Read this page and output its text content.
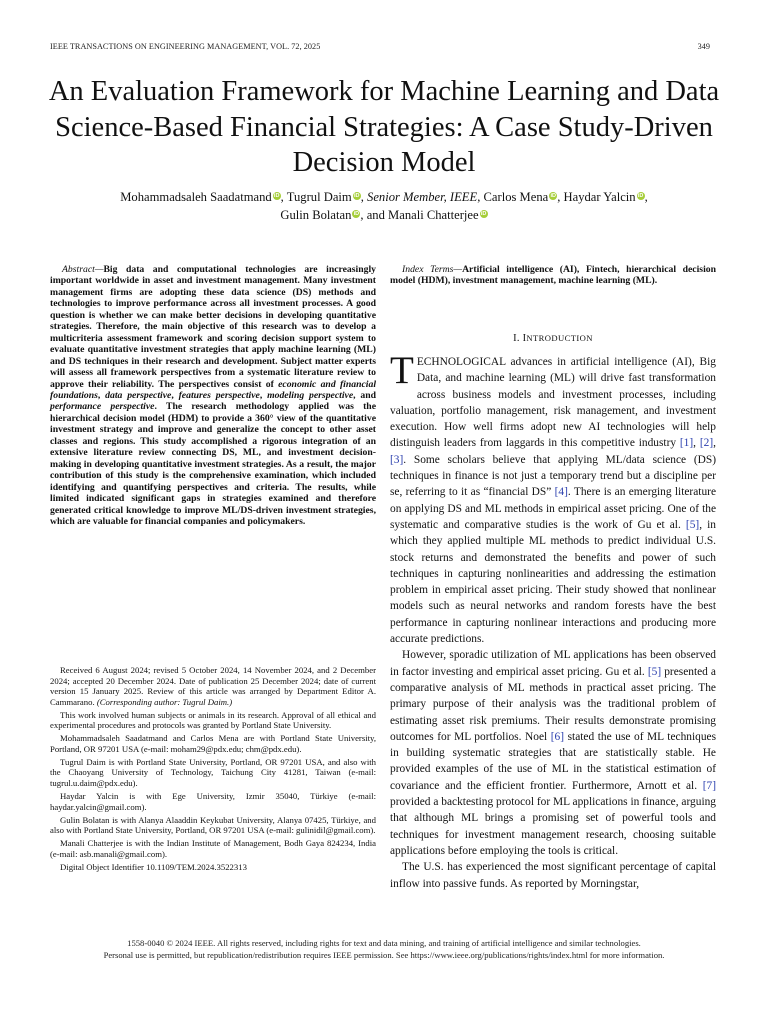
IEEE TRANSACTIONS ON ENGINEERING MANAGEMENT, VOL. 72, 2025	349
An Evaluation Framework for Machine Learning and Data Science-Based Financial Strategies: A Case Study-Driven Decision Model
Mohammadsaleh Saadatmand iD, Tugrul Daim iD, Senior Member, IEEE, Carlos Mena iD, Haydar Yalcin iD,
Gulin Bolatan iD, and Manali Chatterjee iD

Abstract—Big data and computational technologies are increasingly important worldwide in asset and investment management. Many investment management firms are adopting these data science (DS) methods and technologies to improve performance across all investment processes. A good question is whether we can make better decisions in developing quantitative strategies. Therefore, the main objective of this research was to develop a multicriteria assessment framework and scoring decision support system to evaluate quantitative investment strategies that apply machine learning (ML) and DS techniques in their research and development. Subject matter experts will assess all framework perspectives from a systematic literature review to approve their reliability. The perspectives consist of economic and financial foundations, data perspective, features perspective, modeling perspective, and performance perspective. The research methodology applied was the hierarchical decision model (HDM) to provide a 360° view of the quantitative investment strategy and improve and generalize the concept to other asset classes and regions. This study accomplished a rigorous integration of an extensive literature review connecting DS, ML, and investment decision-making in developing quantitative investment strategies. As a result, the major contribution of this study is the comprehensive examination, which included identifying and quantifying perspectives and criteria. The results, while limited indicated significant gaps in strategies examined and therefore generated critical knowledge to improve ML/DS-driven investment strategies, which are valuable for financial companies and policymakers.

Received 6 August 2024; revised 5 October 2024, 14 November 2024, and 2 December 2024; accepted 20 December 2024. Date of publication 25 December 2024; date of current version 15 January 2025. Review of this article was arranged by Department Editor A. Cammarano. (Corresponding author: Tugrul Daim.)

This work involved human subjects or animals in its research. Approval of all ethical and experimental procedures and protocols was granted by Portland State University.

Mohammadsaleh Saadatmand and Carlos Mena are with Portland State University, Portland, OR 97201 USA (e-mail: moham29@pdx.edu; chm@pdx.edu).

Tugrul Daim is with Portland State University, Portland, OR 97201 USA, and also with the Chaoyang University of Technology, Taichung City 41281, Taiwan (e-mail: tugrul.u.daim@pdx.edu).

Haydar Yalcin is with Ege University, Izmir 35040, Türkiye (e-mail: haydar.yalcin@gmail.com).

Gulin Bolatan is with Alanya Alaaddin Keykubat University, Alanya 07425, Türkiye, and also with Portland State University, Portland, OR 97201 USA (e-mail: gulinidil@gmail.com).

Manali Chatterjee is with the Indian Institute of Management, Bodh Gaya 824234, India (e-mail: asb.manali@gmail.com).

Digital Object Identifier 10.1109/TEM.2024.3522313

Index Terms—Artificial intelligence (AI), Fintech, hierarchical decision model (HDM), investment management, machine learning (ML).

I. INTRODUCTION

TECHNOLOGICAL advances in artificial intelligence (AI), Big Data, and machine learning (ML) will drive fast transformation across business models and investment processes, including valuation, portfolio management, risk management, and investment execution. How well firms adopt new AI technologies will help distinguish leaders from laggards in this competitive industry [1], [2], [3]. Some scholars believe that applying ML/data science (DS) techniques in finance is not just a temporary trend but a discipline per se, referring to it as “financial DS” [4]. There is an emerging literature on applying DS and ML methods in empirical asset pricing. One of the systematic and comparative studies is the work of Gu et al. [5], in which they applied multiple ML methods to predict individual U.S. stock returns and demonstrated the benefits and power of such techniques in capturing nonlinearities and addressing the estimation problem in empirical asset pricing. Their study showed that nonlinear models such as neural networks and random forests have the best performance in capturing nonlinear interactions and producing more accurate predictions.

However, sporadic utilization of ML applications has been observed in factor investing and empirical asset pricing. Gu et al. [5] presented a comparative analysis of ML methods in practical asset pricing. The primary purpose of their analysis was the traditional problem of estimating asset risk premiums. Their results demonstrate promising outcomes for ML portfolios. Noel [6] stated the use of ML techniques in building systematic strategies that are statistically stable. He provided examples of the use of ML in the statistical estimation of covariance and the efficient frontier. Furthermore, Arnott et al. [7] provided a backtesting protocol for ML applications in finance, arguing that although ML brings a promising set of powerful tools and techniques for investment management research, choosing suitable applications before employing the tools is critical.

The U.S. has experienced the most significant percentage of capital inflow into passive funds. As reported by Morningstar,

1558-0040 © 2024 IEEE. All rights reserved, including rights for text and data mining, and training of artificial intelligence and similar technologies.
Personal use is permitted, but republication/redistribution requires IEEE permission. See https://www.ieee.org/publications/rights/index.html for more information.
